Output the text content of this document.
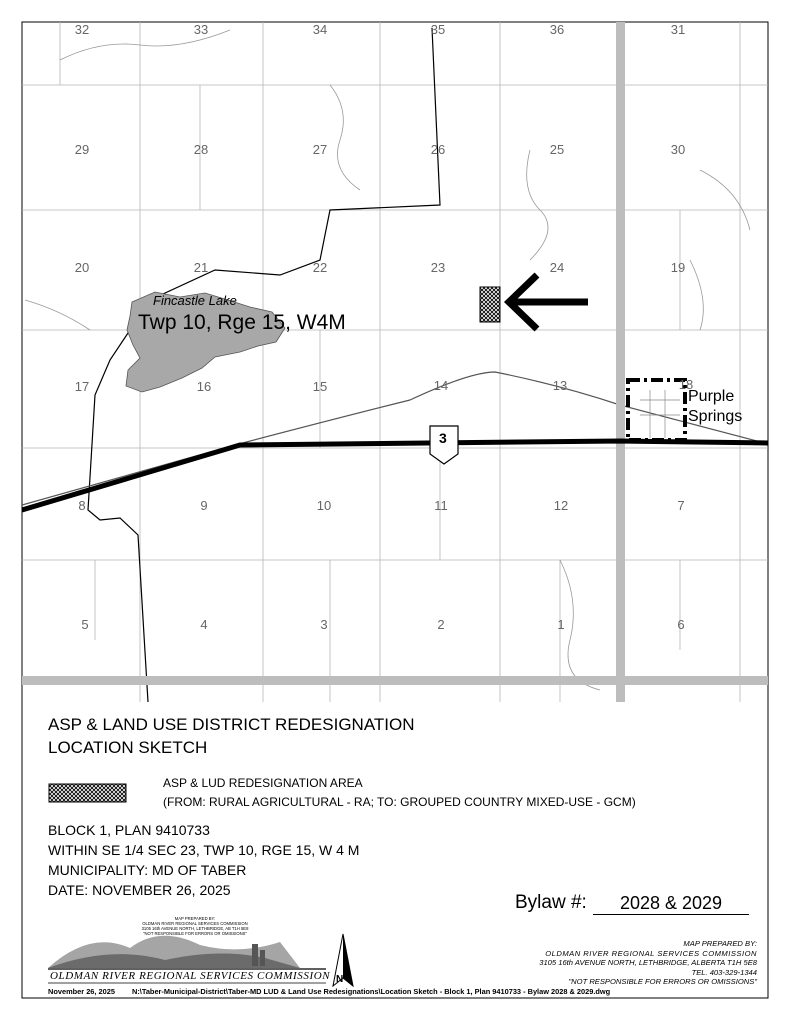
32	33	34	35	36	31
29	28	27	26	25	30
20	21	22	23	24	19
17	16	15	14	13	18
8	9	10	11	12	7
5	4	3	2	1	6
Fincastle Lake
Twp 10, Rge 15, W4M
3
Purple
Springs
ASP & LAND USE DISTRICT REDESIGNATION
LOCATION SKETCH
ASP & LUD REDESIGNATION AREA
(FROM: RURAL AGRICULTURAL - RA; TO: GROUPED COUNTRY MIXED-USE - GCM)
BLOCK 1, PLAN 9410733
WITHIN SE 1/4 SEC 23, TWP 10, RGE 15, W 4 M
MUNICIPALITY: MD OF TABER
DATE: NOVEMBER 26, 2025
Bylaw #:	2028 & 2029
MAP PREPARED BY:
OLDMAN RIVER REGIONAL SERVICES COMMISSION
3105 16th AVENUE NORTH, LETHBRIDGE, AB T1H 5E8
"NOT RESPONSIBLE FOR ERRORS OR OMISSIONS"
OLDMAN RIVER REGIONAL SERVICES COMMISSION N
MAP PREPARED BY:
OLDMAN RIVER REGIONAL SERVICES COMMISSION
3105 16th AVENUE NORTH, LETHBRIDGE, ALBERTA T1H 5E8
TEL. 403-329-1344
"NOT RESPONSIBLE FOR ERRORS OR OMISSIONS"
November 26, 2025 N:\Taber-Municipal-District\Taber-MD LUD & Land Use Redesignations\Location Sketch - Block 1, Plan 9410733 - Bylaw 2028 & 2029.dwg
